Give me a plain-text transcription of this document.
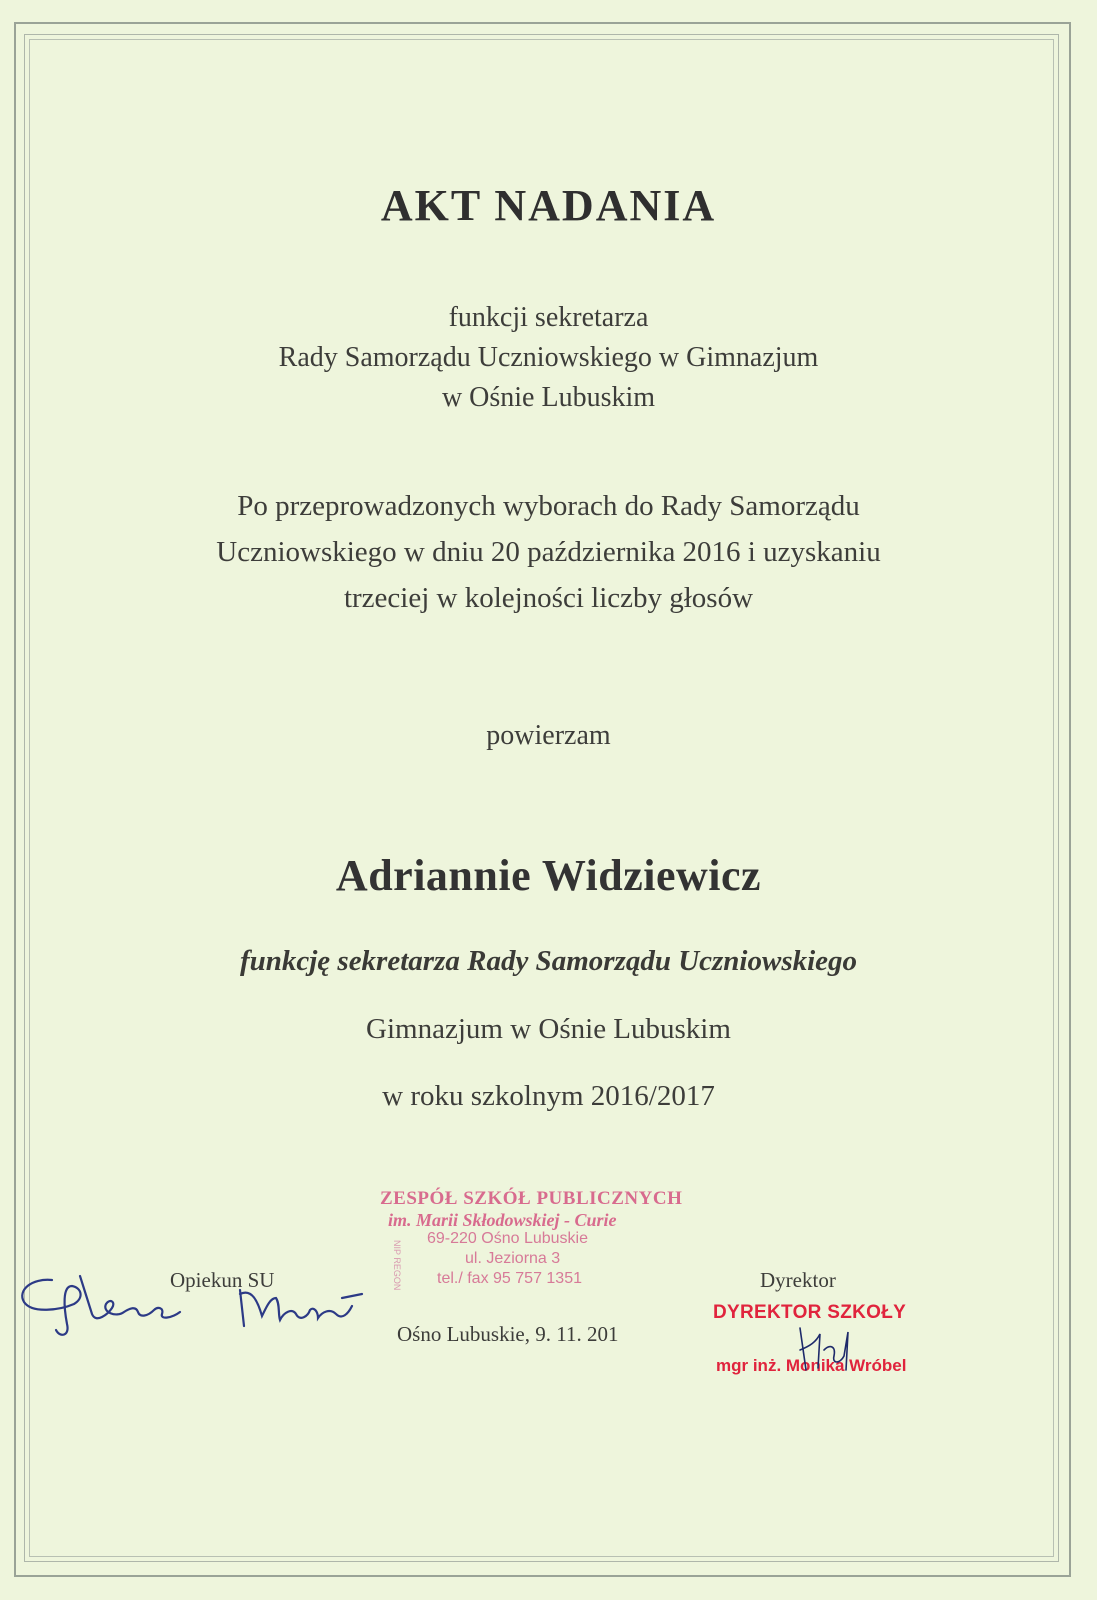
AKT NADANIA
funkcji sekretarza
Rady Samorządu Uczniowskiego w Gimnazjum
w Ośnie Lubuskim
Po przeprowadzonych wyborach do Rady Samorządu
Uczniowskiego w dniu 20 października 2016 i uzyskaniu
trzeciej w kolejności liczby głosów
powierzam
Adriannie Widziewicz
funkcję sekretarza Rady Samorządu Uczniowskiego
Gimnazjum w Ośnie Lubuskim
w roku szkolnym 2016/2017
ZESPÓŁ SZKÓŁ PUBLICZNYCH
im. Marii Skłodowskiej - Curie
69-220 Ośno Lubuskie
ul. Jeziorna 3
tel./ fax 95 757 1351
NIP REGON
Opiekun SU	Dyrektor
Ośno Lubuskie, 9. 11. 201
DYREKTOR SZKOŁY
mgr inż. Monika Wróbel
